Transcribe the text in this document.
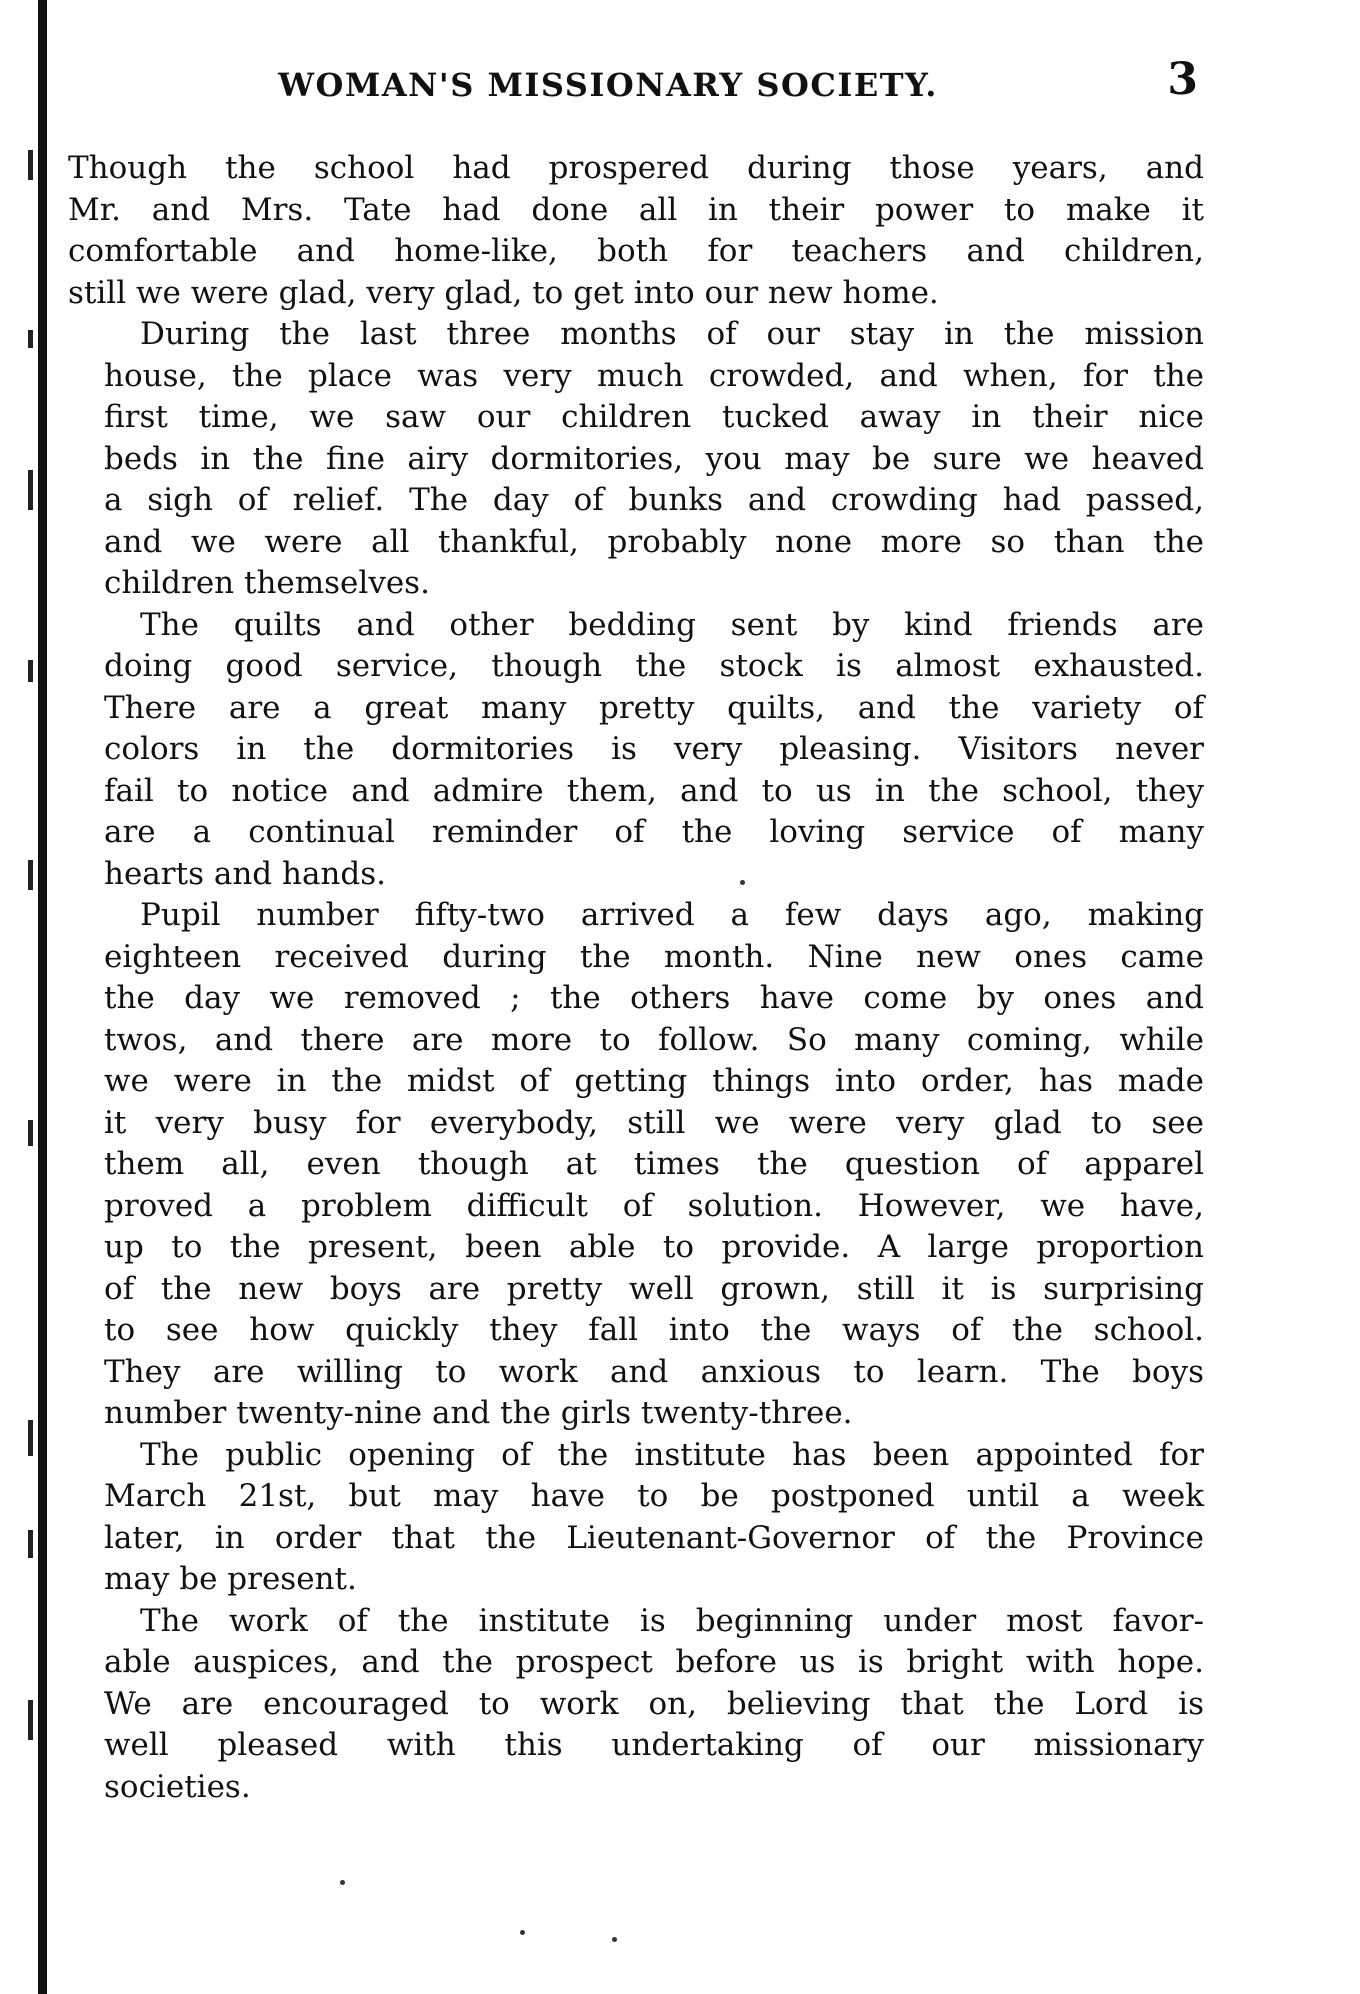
WOMAN'S MISSIONARY SOCIETY.	3

Though the school had prospered during those years, and
Mr. and Mrs. Tate had done all in their power to make it
comfortable and home-like, both for teachers and children,
still we were glad, very glad, to get into our new home.

During the last three months of our stay in the mission
house, the place was very much crowded, and when, for the
first time, we saw our children tucked away in their nice
beds in the fine airy dormitories, you may be sure we heaved
a sigh of relief. The day of bunks and crowding had passed,
and we were all thankful, probably none more so than the
children themselves.

The quilts and other bedding sent by kind friends are
doing good service, though the stock is almost exhausted.
There are a great many pretty quilts, and the variety of
colors in the dormitories is very pleasing. Visitors never
fail to notice and admire them, and to us in the school, they
are a continual reminder of the loving service of many
hearts and hands.

Pupil number fifty-two arrived a few days ago, making
eighteen received during the month. Nine new ones came
the day we removed ; the others have come by ones and
twos, and there are more to follow. So many coming, while
we were in the midst of getting things into order, has made
it very busy for everybody, still we were very glad to see
them all, even though at times the question of apparel
proved a problem difficult of solution. However, we have,
up to the present, been able to provide. A large proportion
of the new boys are pretty well grown, still it is surprising
to see how quickly they fall into the ways of the school.
They are willing to work and anxious to learn. The boys
number twenty-nine and the girls twenty-three.

The public opening of the institute has been appointed for
March 21st, but may have to be postponed until a week
later, in order that the Lieutenant-Governor of the Province
may be present.

The work of the institute is beginning under most favor-
able auspices, and the prospect before us is bright with hope.
We are encouraged to work on, believing that the Lord is
well pleased with this undertaking of our missionary
societies.
